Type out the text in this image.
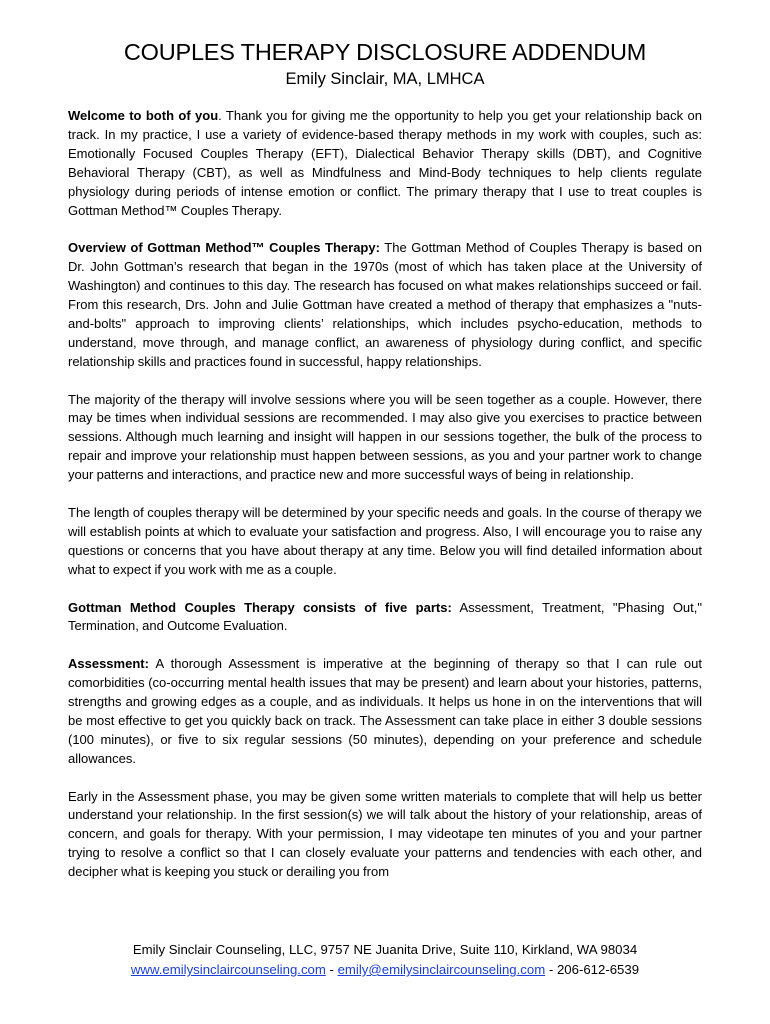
COUPLES THERAPY DISCLOSURE ADDENDUM
Emily Sinclair, MA, LMHCA

Welcome to both of you. Thank you for giving me the opportunity to help you get your relationship back on track. In my practice, I use a variety of evidence-based therapy methods in my work with couples, such as: Emotionally Focused Couples Therapy (EFT), Dialectical Behavior Therapy skills (DBT), and Cognitive Behavioral Therapy (CBT), as well as Mindfulness and Mind-Body techniques to help clients regulate physiology during periods of intense emotion or conflict. The primary therapy that I use to treat couples is Gottman Method™ Couples Therapy.

Overview of Gottman Method™ Couples Therapy: The Gottman Method of Couples Therapy is based on Dr. John Gottman’s research that began in the 1970s (most of which has taken place at the University of Washington) and continues to this day. The research has focused on what makes relationships succeed or fail. From this research, Drs. John and Julie Gottman have created a method of therapy that emphasizes a "nuts-and-bolts" approach to improving clients’ relationships, which includes psycho-education, methods to understand, move through, and manage conflict, an awareness of physiology during conflict, and specific relationship skills and practices found in successful, happy relationships.

The majority of the therapy will involve sessions where you will be seen together as a couple. However, there may be times when individual sessions are recommended. I may also give you exercises to practice between sessions. Although much learning and insight will happen in our sessions together, the bulk of the process to repair and improve your relationship must happen between sessions, as you and your partner work to change your patterns and interactions, and practice new and more successful ways of being in relationship.

The length of couples therapy will be determined by your specific needs and goals. In the course of therapy we will establish points at which to evaluate your satisfaction and progress. Also, I will encourage you to raise any questions or concerns that you have about therapy at any time. Below you will find detailed information about what to expect if you work with me as a couple.

Gottman Method Couples Therapy consists of five parts: Assessment, Treatment, "Phasing Out," Termination, and Outcome Evaluation.

Assessment: A thorough Assessment is imperative at the beginning of therapy so that I can rule out comorbidities (co-occurring mental health issues that may be present) and learn about your histories, patterns, strengths and growing edges as a couple, and as individuals. It helps us hone in on the interventions that will be most effective to get you quickly back on track. The Assessment can take place in either 3 double sessions (100 minutes), or five to six regular sessions (50 minutes), depending on your preference and schedule allowances.

Early in the Assessment phase, you may be given some written materials to complete that will help us better understand your relationship. In the first session(s) we will talk about the history of your relationship, areas of concern, and goals for therapy. With your permission, I may videotape ten minutes of you and your partner trying to resolve a conflict so that I can closely evaluate your patterns and tendencies with each other, and decipher what is keeping you stuck or derailing you from

Emily Sinclair Counseling, LLC, 9757 NE Juanita Drive, Suite 110, Kirkland, WA 98034
www.emilysinclaircounseling.com - emily@emilysinclaircounseling.com - 206-612-6539
